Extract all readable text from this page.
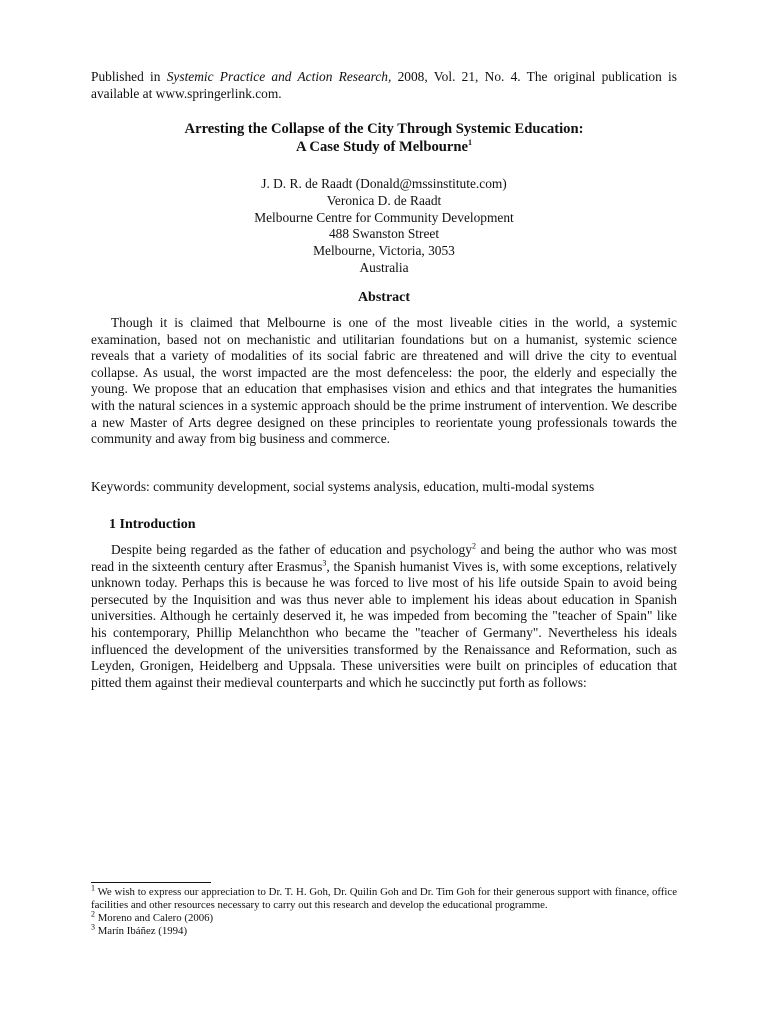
Published in Systemic Practice and Action Research, 2008, Vol. 21, No. 4. The original publication is available at www.springerlink.com.
Arresting the Collapse of the City Through Systemic Education:
A Case Study of Melbourne$^1$
J. D. R. de Raadt (Donald@mssinstitute.com)
Veronica D. de Raadt
Melbourne Centre for Community Development
488 Swanston Street
Melbourne, Victoria, 3053
Australia
Abstract

Though it is claimed that Melbourne is one of the most liveable cities in the world, a systemic examination, based not on mechanistic and utilitarian foundations but on a humanist, systemic science reveals that a variety of modalities of its social fabric are threatened and will drive the city to eventual collapse. As usual, the worst impacted are the most defenceless: the poor, the elderly and especially the young. We propose that an education that emphasises vision and ethics and that integrates the humanities with the natural sciences in a systemic approach should be the prime instrument of intervention. We describe a new Master of Arts degree designed on these principles to reorientate young professionals towards the community and away from big business and commerce.

Keywords: community development, social systems analysis, education, multi-modal systems

1 Introduction

Despite being regarded as the father of education and psychology$^2$ and being the author who was most read in the sixteenth century after Erasmus$^3$, the Spanish humanist Vives is, with some exceptions, relatively unknown today. Perhaps this is because he was forced to live most of his life outside Spain to avoid being persecuted by the Inquisition and was thus never able to implement his ideas about education in Spanish universities. Although he certainly deserved it, he was impeded from becoming the "teacher of Spain" like his contemporary, Phillip Melanchthon who became the "teacher of Germany". Nevertheless his ideals influenced the development of the universities transformed by the Renaissance and Reformation, such as Leyden, Gronigen, Heidelberg and Uppsala. These universities were built on principles of education that pitted them against their medieval counterparts and which he succinctly put forth as follows:

$^1$ We wish to express our appreciation to Dr. T. H. Goh, Dr. Quilin Goh and Dr. Tim Goh for their generous support with finance, office facilities and other resources necessary to carry out this research and develop the educational programme.

$^2$ Moreno and Calero (2006)

$^3$ Marín Ibáñez (1994)
